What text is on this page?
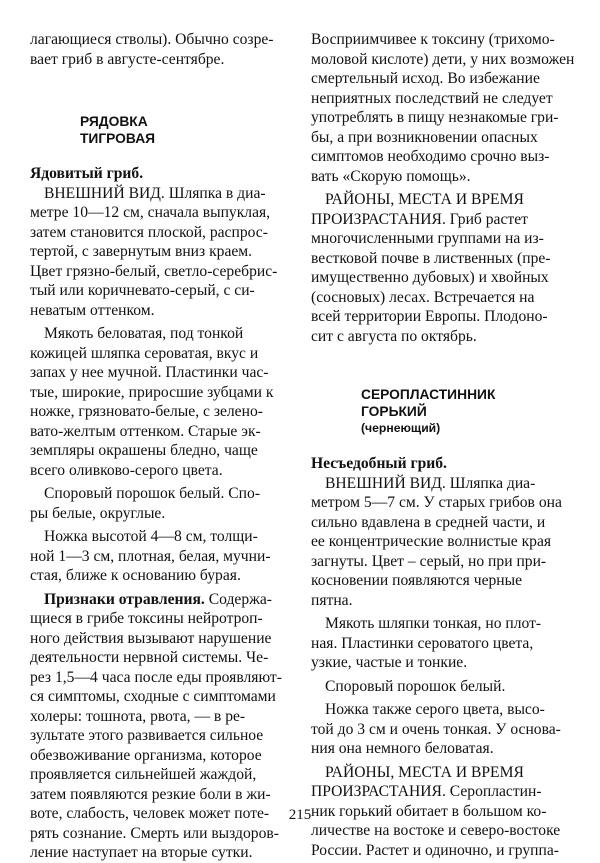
лагающиеся стволы). Обычно созре-
вает гриб в августе-сентябре.

РЯДОВКА
ТИГРОВАЯ

Ядовитый гриб.

ВНЕШНИЙ ВИД. Шляпка в диа-
метре 10—12 см, сначала выпуклая,
затем становится плоской, распрос-
тертой, с завернутым вниз краем.
Цвет грязно-белый, светло-серебрис-
тый или коричневато-серый, с си-
неватым оттенком.

Мякоть беловатая, под тонкой
кожицей шляпка сероватая, вкус и
запах у нее мучной. Пластинки час-
тые, широкие, приросшие зубцами к
ножке, грязновато-белые, с зелено-
вато-желтым оттенком. Старые эк-
земпляры окрашены бледно, чаще
всего оливково-серого цвета.

Споровый порошок белый. Спо-
ры белые, округлые.

Ножка высотой 4—8 см, толщи-
ной 1—3 см, плотная, белая, мучни-
стая, ближе к основанию бурая.

Признаки отравления. Содержа-
щиеся в грибе токсины нейротроп-
ного действия вызывают нарушение
деятельности нервной системы. Че-
рез 1,5—4 часа после еды проявляют-
ся симптомы, сходные с симптомами
холеры: тошнота, рвота, — в ре-
зультате этого развивается сильное
обезвоживание организма, которое
проявляется сильнейшей жаждой,
затем появляются резкие боли в жи-
воте, слабость, человек может поте-
рять сознание. Смерть или выздоров-
ление наступает на вторые сутки.

Восприимчивее к токсину (трихомо-
моловой кислоте) дети, у них возможен
смертельный исход. Во избежание
неприятных последствий не следует
употреблять в пищу незнакомые гри-
бы, а при возникновении опасных
симптомов необходимо срочно выз-
вать «Скорую помощь».

РАЙОНЫ, МЕСТА И ВРЕМЯ
ПРОИЗРАСТАНИЯ. Гриб растет
многочисленными группами на из-
вестковой почве в лиственных (пре-
имущественно дубовых) и хвойных
(сосновых) лесах. Встречается на
всей территории Европы. Плодоно-
сит с августа по октябрь.

СЕРОПЛАСТИННИК
ГОРЬКИЙ

(чернеющий)

Несъедобный гриб.

ВНЕШНИЙ ВИД. Шляпка диа-
метром 5—7 см. У старых грибов она
сильно вдавлена в средней части, и
ее концентрические волнистые края
загнуты. Цвет – серый, но при при-
косновении появляются черные
пятна.

Мякоть шляпки тонкая, но плот-
ная. Пластинки сероватого цвета,
узкие, частые и тонкие.

Споровый порошок белый.

Ножка также серого цвета, высо-
той до 3 см и очень тонкая. У основа-
ния она немного беловатая.

РАЙОНЫ, МЕСТА И ВРЕМЯ
ПРОИЗРАСТАНИЯ. Серопластин-
ник горький обитает в большом ко-
личестве на востоке и северо-востоке
России. Растет и одиночно, и группа-

215
